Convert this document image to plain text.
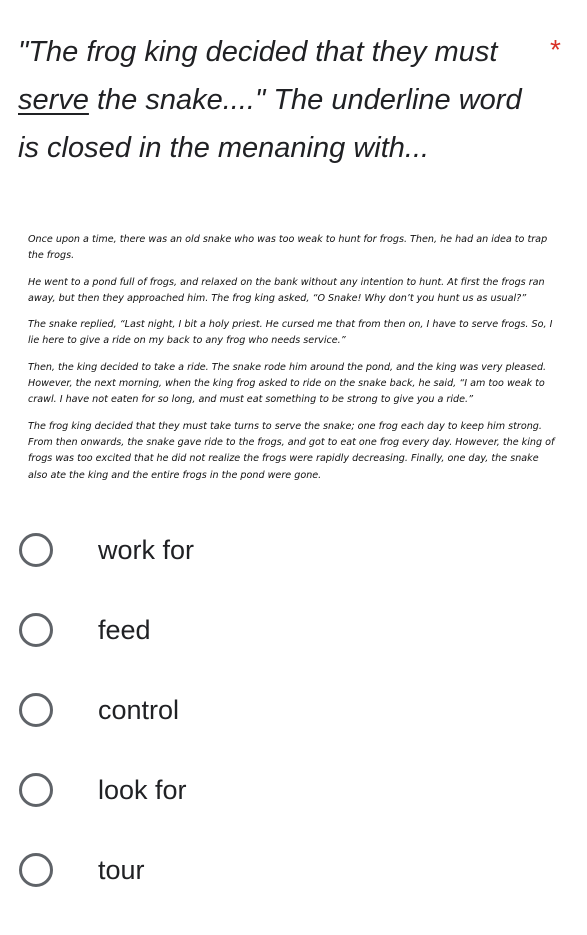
"The frog king decided that they must serve the snake...." The underline word is closed in the menaning with...
*

Once upon a time, there was an old snake who was too weak to hunt for frogs. Then, he had an idea to trap the frogs.

He went to a pond full of frogs, and relaxed on the bank without any intention to hunt. At first the frogs ran away, but then they approached him. The frog king asked, “O Snake! Why don’t you hunt us as usual?”

The snake replied, “Last night, I bit a holy priest. He cursed me that from then on, I have to serve frogs. So, I lie here to give a ride on my back to any frog who needs service.”

Then, the king decided to take a ride. The snake rode him around the pond, and the king was very pleased. However, the next morning, when the king frog asked to ride on the snake back, he said, “I am too weak to crawl. I have not eaten for so long, and must eat something to be strong to give you a ride.”

The frog king decided that they must take turns to serve the snake; one frog each day to keep him strong. From then onwards, the snake gave ride to the frogs, and got to eat one frog every day. However, the king of frogs was too excited that he did not realize the frogs were rapidly decreasing. Finally, one day, the snake also ate the king and the entire frogs in the pond were gone.

work for
feed
control
look for
tour
